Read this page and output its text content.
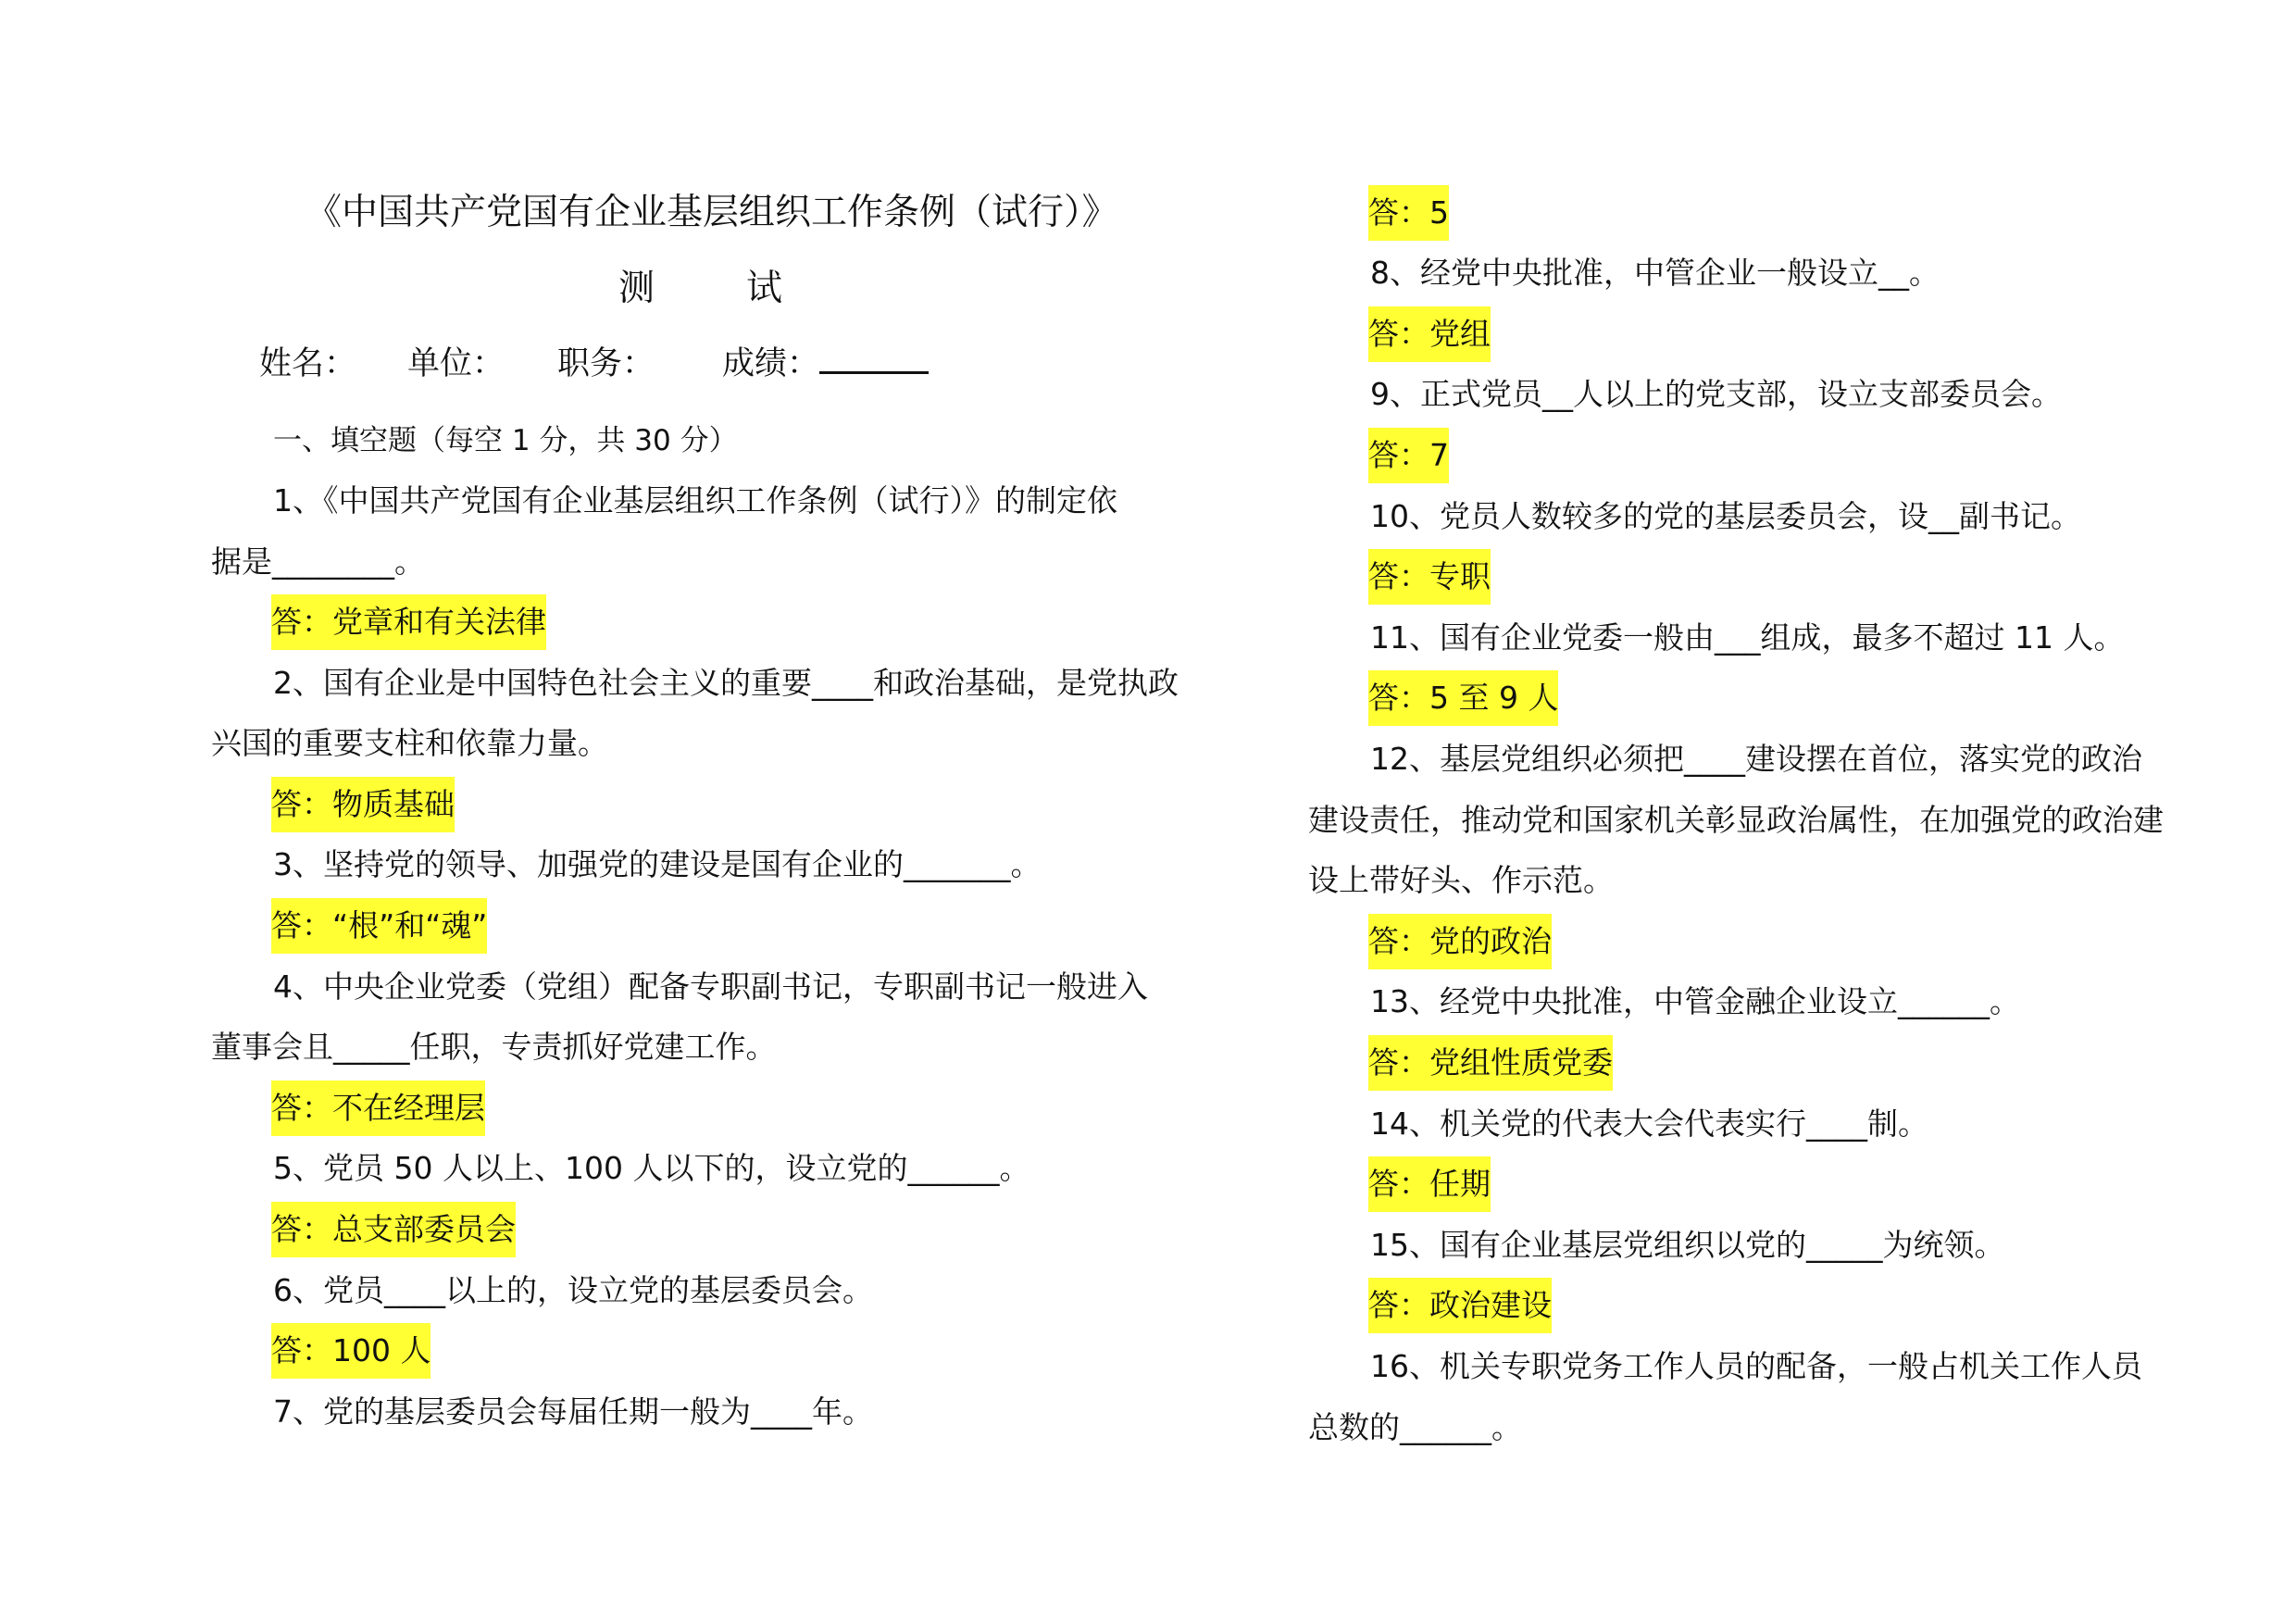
《中国共产党国有企业基层组织工作条例（试行）》
测	试
姓名： 单位： 职务： 成绩：
一、填空题（每空 1 分，共 30 分）
1、《中国共产党国有企业基层组织工作条例（试行）》的制定依
据是________。
答：党章和有关法律
2、国有企业是中国特色社会主义的重要____和政治基础，是党执政
兴国的重要支柱和依靠力量。
答：物质基础
3、坚持党的领导、加强党的建设是国有企业的_______。
答：“根”和“魂”
4、中央企业党委（党组）配备专职副书记，专职副书记一般进入
董事会且_____任职，专责抓好党建工作。
答：不在经理层
5、党员 50 人以上、100 人以下的，设立党的______。
答：总支部委员会
6、党员____以上的，设立党的基层委员会。
答：100 人
7、党的基层委员会每届任期一般为____年。
答：5
8、经党中央批准，中管企业一般设立__。
答：党组
9、正式党员__人以上的党支部，设立支部委员会。
答：7
10、党员人数较多的党的基层委员会，设__副书记。
答：专职
11、国有企业党委一般由___组成，最多不超过 11 人。
答：5 至 9 人
12、基层党组织必须把____建设摆在首位，落实党的政治
建设责任，推动党和国家机关彰显政治属性，在加强党的政治建
设上带好头、作示范。
答：党的政治
13、经党中央批准，中管金融企业设立______。
答：党组性质党委
14、机关党的代表大会代表实行____制。
答：任期
15、国有企业基层党组织以党的_____为统领。
答：政治建设
16、机关专职党务工作人员的配备，一般占机关工作人员
总数的______。
